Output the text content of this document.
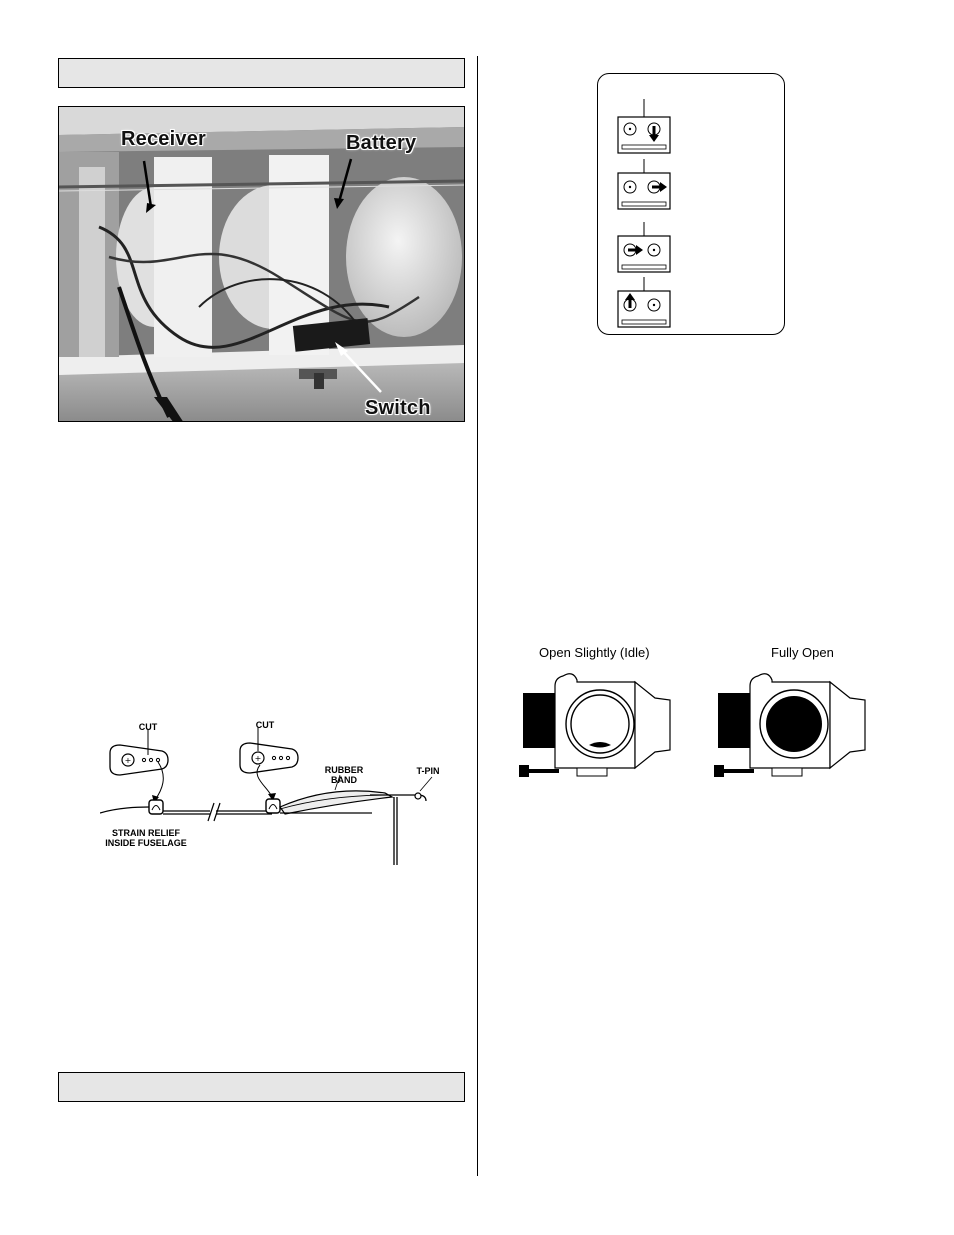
Receiver	Battery
Switch
+	+
CUT	CUT
RUBBER
BAND
T-PIN
STRAIN RELIEF
INSIDE FUSELAGE
Open Slightly (Idle)	Fully Open
